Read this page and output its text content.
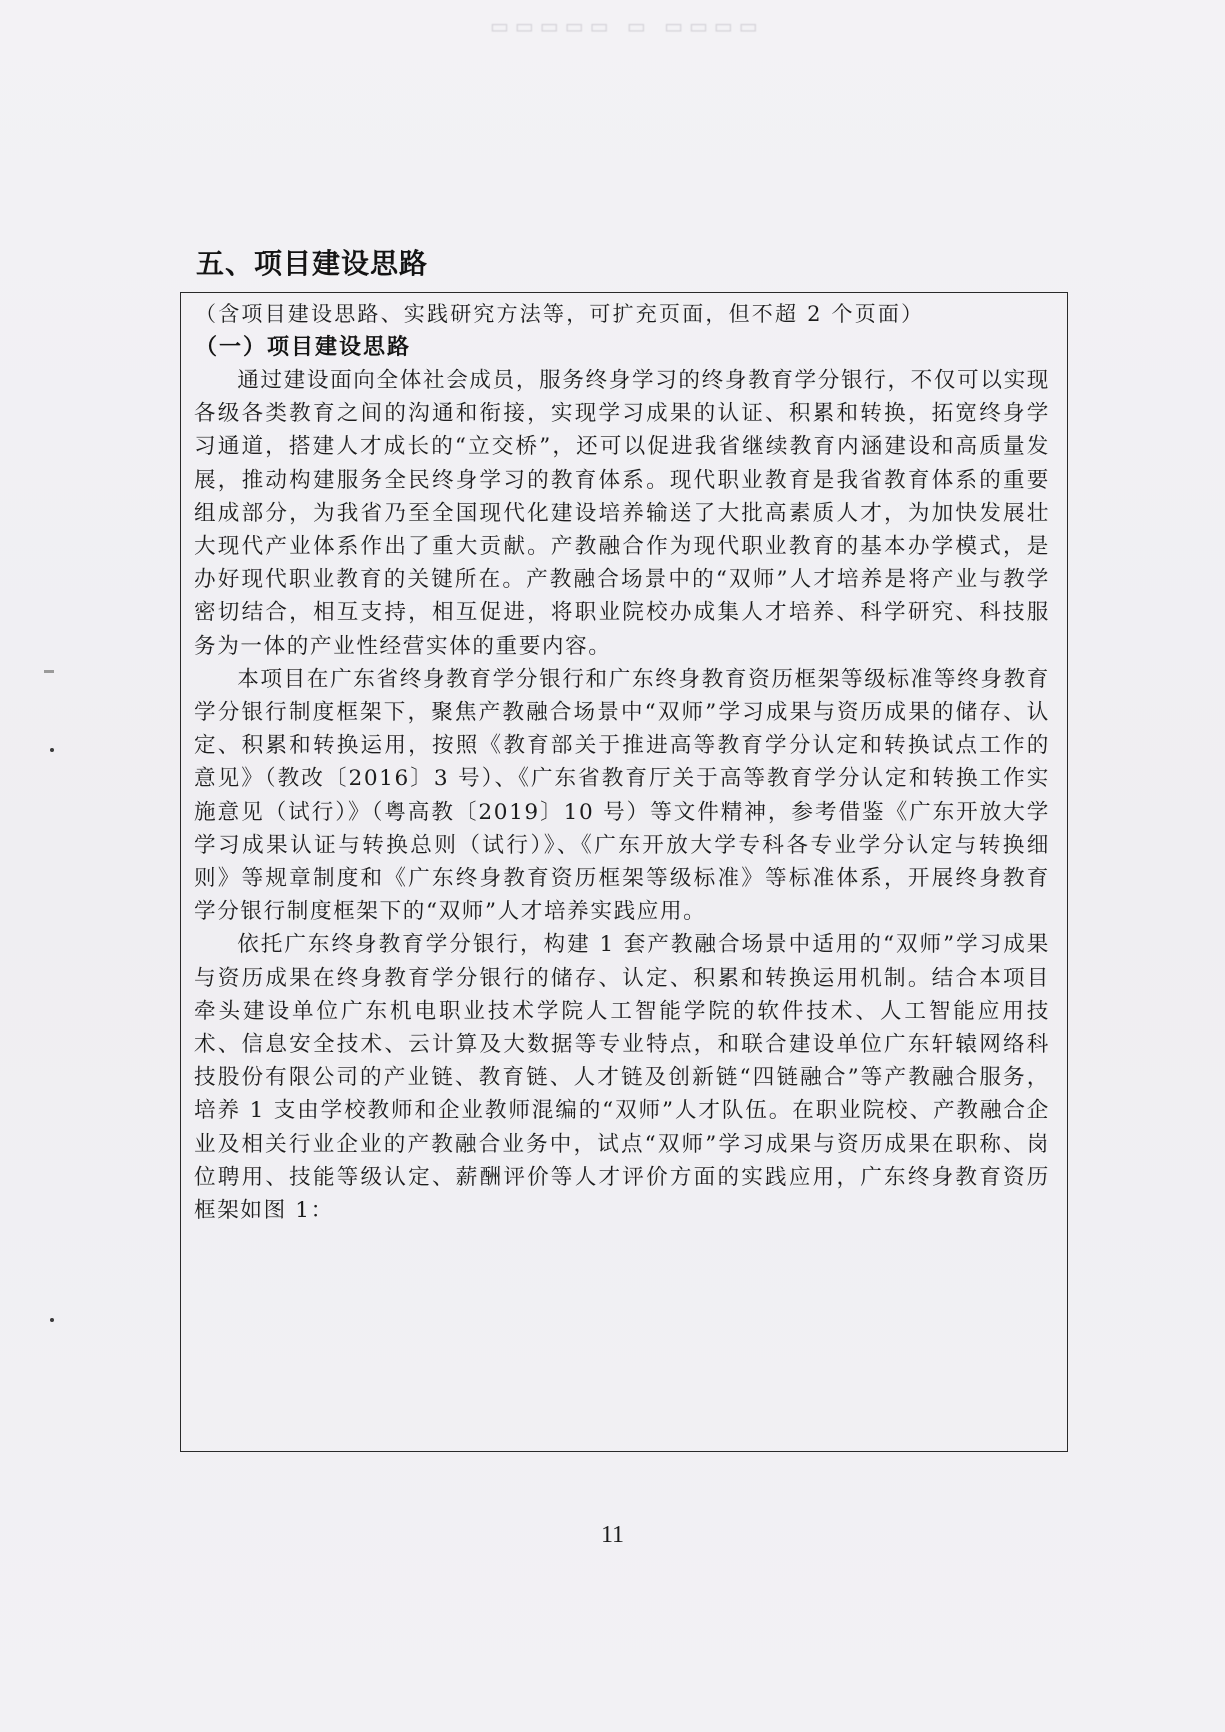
▭▭▭▭▭ ▭ ▭▭▭▭
五、项目建设思路
（含项目建设思路、实践研究方法等，可扩充页面，但不超 2 个页面）
（一）项目建设思路

通过建设面向全体社会成员，服务终身学习的终身教育学分银行，不仅可以实现各级各类教育之间的沟通和衔接，实现学习成果的认证、积累和转换，拓宽终身学习通道，搭建人才成长的“立交桥”，还可以促进我省继续教育内涵建设和高质量发展，推动构建服务全民终身学习的教育体系。现代职业教育是我省教育体系的重要组成部分，为我省乃至全国现代化建设培养输送了大批高素质人才，为加快发展壮大现代产业体系作出了重大贡献。产教融合作为现代职业教育的基本办学模式，是办好现代职业教育的关键所在。产教融合场景中的“双师”人才培养是将产业与教学密切结合，相互支持，相互促进，将职业院校办成集人才培养、科学研究、科技服务为一体的产业性经营实体的重要内容。

本项目在广东省终身教育学分银行和广东终身教育资历框架等级标准等终身教育学分银行制度框架下，聚焦产教融合场景中“双师”学习成果与资历成果的储存、认定、积累和转换运用，按照《教育部关于推进高等教育学分认定和转换试点工作的意见》（教改〔2016〕3 号）、《广东省教育厅关于高等教育学分认定和转换工作实施意见（试行）》（粤高教〔2019〕10 号）等文件精神，参考借鉴《广东开放大学学习成果认证与转换总则（试行）》、《广东开放大学专科各专业学分认定与转换细则》等规章制度和《广东终身教育资历框架等级标准》等标准体系，开展终身教育学分银行制度框架下的“双师”人才培养实践应用。

依托广东终身教育学分银行，构建 1 套产教融合场景中适用的“双师”学习成果与资历成果在终身教育学分银行的储存、认定、积累和转换运用机制。结合本项目牵头建设单位广东机电职业技术学院人工智能学院的软件技术、人工智能应用技术、信息安全技术、云计算及大数据等专业特点，和联合建设单位广东轩辕网络科技股份有限公司的产业链、教育链、人才链及创新链“四链融合”等产教融合服务，培养 1 支由学校教师和企业教师混编的“双师”人才队伍。在职业院校、产教融合企业及相关行业企业的产教融合业务中，试点“双师”学习成果与资历成果在职称、岗位聘用、技能等级认定、薪酬评价等人才评价方面的实践应用，广东终身教育资历框架如图 1：

11
